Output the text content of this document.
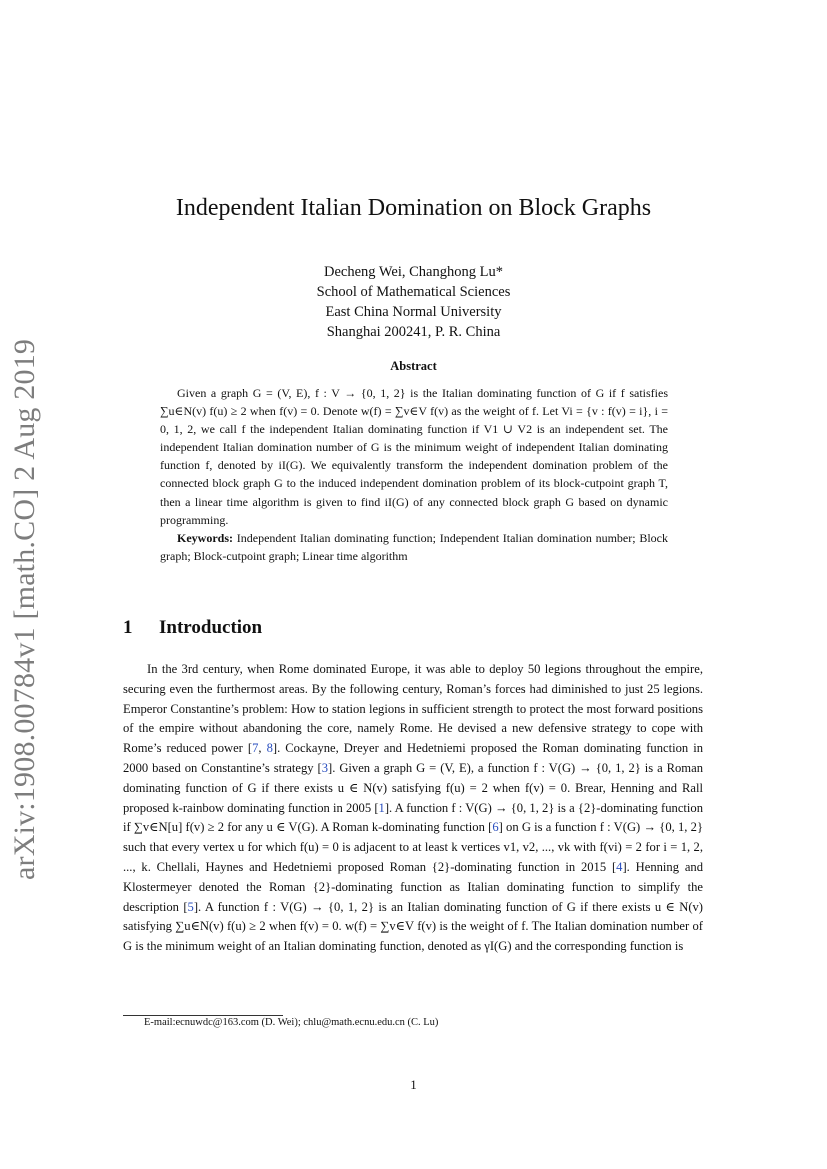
arXiv:1908.00784v1 [math.CO] 2 Aug 2019
Independent Italian Domination on Block Graphs
Decheng Wei, Changhong Lu*
School of Mathematical Sciences
East China Normal University
Shanghai 200241, P. R. China
Abstract

Given a graph G = (V, E), f : V → {0, 1, 2} is the Italian dominating function of G if f satisfies ∑u∈N(v) f(u) ≥ 2 when f(v) = 0. Denote w(f) = ∑v∈V f(v) as the weight of f. Let Vi = {v : f(v) = i}, i = 0, 1, 2, we call f the independent Italian dominating function if V1 ∪ V2 is an independent set. The independent Italian domination number of G is the minimum weight of independent Italian dominating function f, denoted by iI(G). We equivalently transform the independent domination problem of the connected block graph G to the induced independent domination problem of its block-cutpoint graph T, then a linear time algorithm is given to find iI(G) of any connected block graph G based on dynamic programming.

Keywords: Independent Italian dominating function; Independent Italian domination number; Block graph; Block-cutpoint graph; Linear time algorithm

1 Introduction

In the 3rd century, when Rome dominated Europe, it was able to deploy 50 legions throughout the empire, securing even the furthermost areas. By the following century, Roman’s forces had diminished to just 25 legions. Emperor Constantine’s problem: How to station legions in sufficient strength to protect the most forward positions of the empire without abandoning the core, namely Rome. He devised a new defensive strategy to cope with Rome’s reduced power [7, 8]. Cockayne, Dreyer and Hedetniemi proposed the Roman dominating function in 2000 based on Constantine’s strategy [3]. Given a graph G = (V, E), a function f : V(G) → {0, 1, 2} is a Roman dominating function of G if there exists u ∈ N(v) satisfying f(u) = 2 when f(v) = 0. Brear, Henning and Rall proposed k-rainbow dominating function in 2005 [1]. A function f : V(G) → {0, 1, 2} is a {2}-dominating function if ∑v∈N[u] f(v) ≥ 2 for any u ∈ V(G). A Roman k-dominating function [6] on G is a function f : V(G) → {0, 1, 2} such that every vertex u for which f(u) = 0 is adjacent to at least k vertices v1, v2, ..., vk with f(vi) = 2 for i = 1, 2, ..., k. Chellali, Haynes and Hedetniemi proposed Roman {2}-dominating function in 2015 [4]. Henning and Klostermeyer denoted the Roman {2}-dominating function as Italian dominating function to simplify the description [5]. A function f : V(G) → {0, 1, 2} is an Italian dominating function of G if there exists u ∈ N(v) satisfying ∑u∈N(v) f(u) ≥ 2 when f(v) = 0. w(f) = ∑v∈V f(v) is the weight of f. The Italian domination number of G is the minimum weight of an Italian dominating function, denoted as γI(G) and the corresponding function is

E-mail:ecnuwdc@163.com (D. Wei); chlu@math.ecnu.edu.cn (C. Lu)
1
